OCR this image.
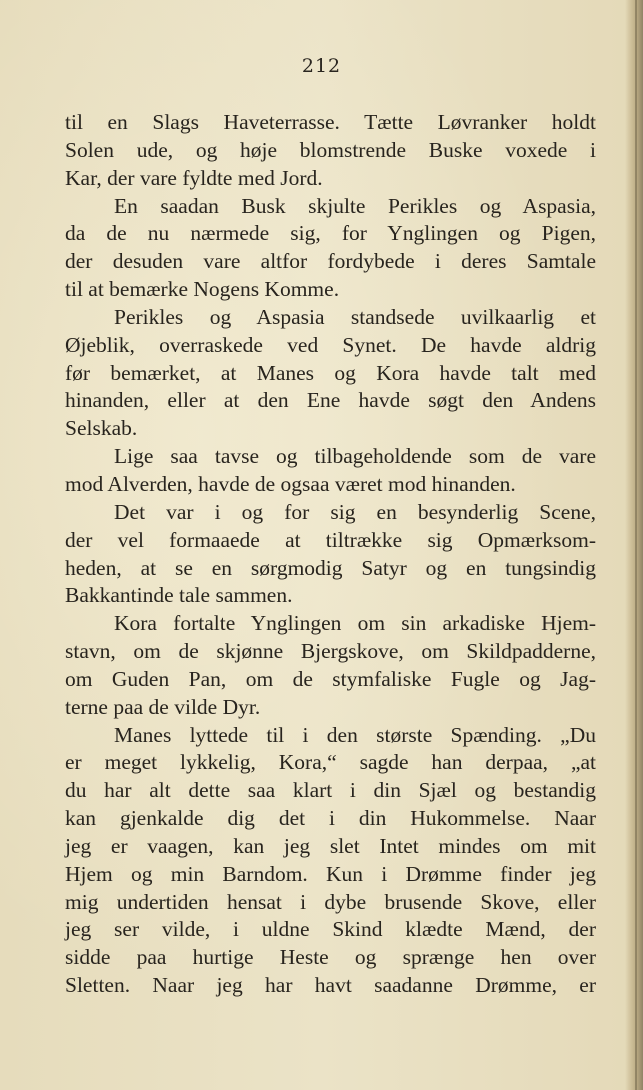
212
til en Slags Haveterrasse. Tætte Løvranker holdt
Solen ude, og høje blomstrende Buske voxede i
Kar, der vare fyldte med Jord.
En saadan Busk skjulte Perikles og Aspasia,
da de nu nærmede sig, for Ynglingen og Pigen,
der desuden vare altfor fordybede i deres Samtale
til at bemærke Nogens Komme.
Perikles og Aspasia standsede uvilkaarlig et
Øjeblik, overraskede ved Synet. De havde aldrig
før bemærket, at Manes og Kora havde talt med
hinanden, eller at den Ene havde søgt den Andens
Selskab.
Lige saa tavse og tilbageholdende som de vare
mod Alverden, havde de ogsaa været mod hinanden.
Det var i og for sig en besynderlig Scene,
der vel formaaede at tiltrække sig Opmærksom-
heden, at se en sørgmodig Satyr og en tungsindig
Bakkantinde tale sammen.
Kora fortalte Ynglingen om sin arkadiske Hjem-
stavn, om de skjønne Bjergskove, om Skildpadderne,
om Guden Pan, om de stymfaliske Fugle og Jag-
terne paa de vilde Dyr.
Manes lyttede til i den største Spænding. „Du
er meget lykkelig, Kora,“ sagde han derpaa, „at
du har alt dette saa klart i din Sjæl og bestandig
kan gjenkalde dig det i din Hukommelse. Naar
jeg er vaagen, kan jeg slet Intet mindes om mit
Hjem og min Barndom. Kun i Drømme finder jeg
mig undertiden hensat i dybe brusende Skove, eller
jeg ser vilde, i uldne Skind klædte Mænd, der
sidde paa hurtige Heste og sprænge hen over
Sletten. Naar jeg har havt saadanne Drømme, er
